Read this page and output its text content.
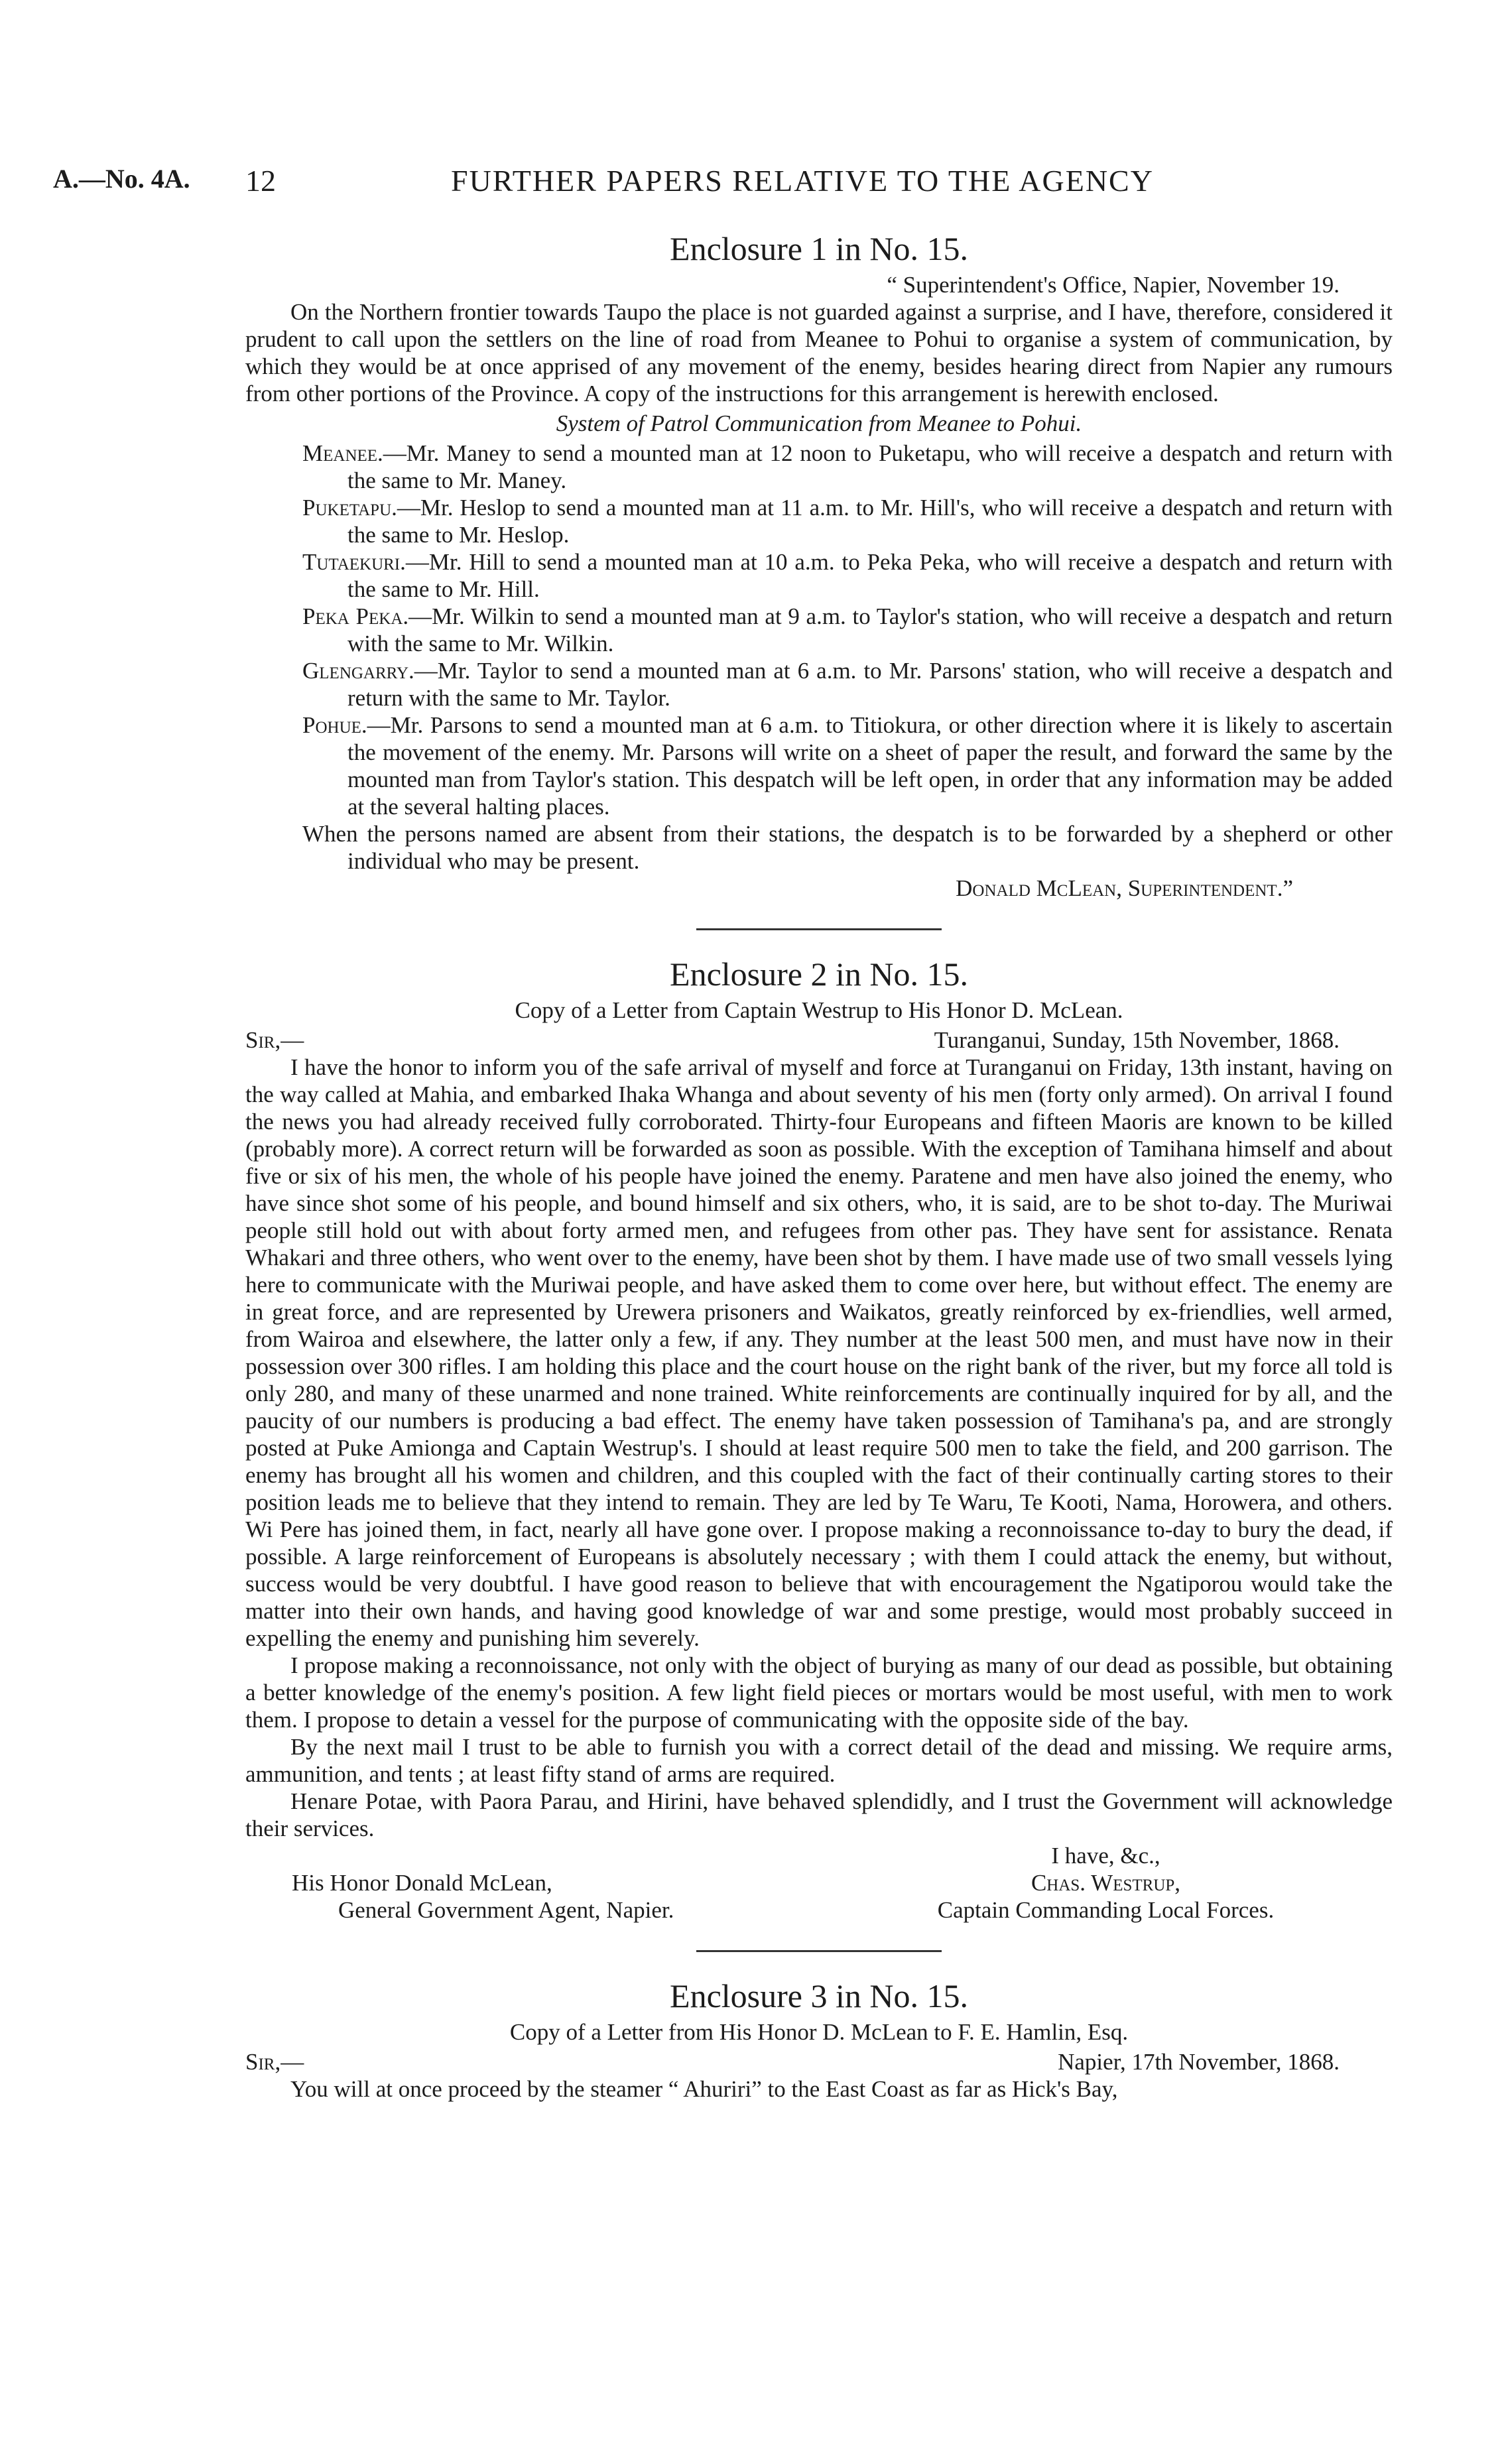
A.—No. 4A. 12	FURTHER PAPERS RELATIVE TO THE AGENCY

Enclosure 1 in No. 15.

“ Superintendent's Office, Napier, November 19.

On the Northern frontier towards Taupo the place is not guarded against a surprise, and I have, therefore, considered it prudent to call upon the settlers on the line of road from Meanee to Pohui to organise a system of communication, by which they would be at once apprised of any movement of the enemy, besides hearing direct from Napier any rumours from other portions of the Province. A copy of the instructions for this arrangement is herewith enclosed.

System of Patrol Communication from Meanee to Pohui.

Meanee.—Mr. Maney to send a mounted man at 12 noon to Puketapu, who will receive a despatch and return with the same to Mr. Maney.

Puketapu.—Mr. Heslop to send a mounted man at 11 a.m. to Mr. Hill's, who will receive a despatch and return with the same to Mr. Heslop.

Tutaekuri.—Mr. Hill to send a mounted man at 10 a.m. to Peka Peka, who will receive a despatch and return with the same to Mr. Hill.

Peka Peka.—Mr. Wilkin to send a mounted man at 9 a.m. to Taylor's station, who will receive a despatch and return with the same to Mr. Wilkin.

Glengarry.—Mr. Taylor to send a mounted man at 6 a.m. to Mr. Parsons' station, who will receive a despatch and return with the same to Mr. Taylor.

Pohue.—Mr. Parsons to send a mounted man at 6 a.m. to Titiokura, or other direction where it is likely to ascertain the movement of the enemy. Mr. Parsons will write on a sheet of paper the result, and forward the same by the mounted man from Taylor's station. This despatch will be left open, in order that any information may be added at the several halting places.

When the persons named are absent from their stations, the despatch is to be forwarded by a shepherd or other individual who may be present.

Donald McLean, Superintendent.”

Enclosure 2 in No. 15.

Copy of a Letter from Captain Westrup to His Honor D. McLean.

Sir,—	Turanganui, Sunday, 15th November, 1868.

I have the honor to inform you of the safe arrival of myself and force at Turanganui on Friday, 13th instant, having on the way called at Mahia, and embarked Ihaka Whanga and about seventy of his men (forty only armed). On arrival I found the news you had already received fully corroborated. Thirty-four Europeans and fifteen Maoris are known to be killed (probably more). A correct return will be forwarded as soon as possible. With the exception of Tamihana himself and about five or six of his men, the whole of his people have joined the enemy. Paratene and men have also joined the enemy, who have since shot some of his people, and bound himself and six others, who, it is said, are to be shot to-day. The Muriwai people still hold out with about forty armed men, and refugees from other pas. They have sent for assistance. Renata Whakari and three others, who went over to the enemy, have been shot by them. I have made use of two small vessels lying here to communicate with the Muriwai people, and have asked them to come over here, but without effect. The enemy are in great force, and are represented by Urewera prisoners and Waikatos, greatly reinforced by ex-friendlies, well armed, from Wairoa and elsewhere, the latter only a few, if any. They number at the least 500 men, and must have now in their possession over 300 rifles. I am holding this place and the court house on the right bank of the river, but my force all told is only 280, and many of these unarmed and none trained. White reinforcements are continually inquired for by all, and the paucity of our numbers is producing a bad effect. The enemy have taken possession of Tamihana's pa, and are strongly posted at Puke Amionga and Captain Westrup's. I should at least require 500 men to take the field, and 200 garrison. The enemy has brought all his women and children, and this coupled with the fact of their continually carting stores to their position leads me to believe that they intend to remain. They are led by Te Waru, Te Kooti, Nama, Horowera, and others. Wi Pere has joined them, in fact, nearly all have gone over. I propose making a reconnoissance to-day to bury the dead, if possible. A large reinforcement of Europeans is absolutely necessary ; with them I could attack the enemy, but without, success would be very doubtful. I have good reason to believe that with encouragement the Ngatiporou would take the matter into their own hands, and having good knowledge of war and some prestige, would most probably succeed in expelling the enemy and punishing him severely.

I propose making a reconnoissance, not only with the object of burying as many of our dead as possible, but obtaining a better knowledge of the enemy's position. A few light field pieces or mortars would be most useful, with men to work them. I propose to detain a vessel for the purpose of communicating with the opposite side of the bay.

By the next mail I trust to be able to furnish you with a correct detail of the dead and missing. We require arms, ammunition, and tents ; at least fifty stand of arms are required.

Henare Potae, with Paora Parau, and Hirini, have behaved splendidly, and I trust the Government will acknowledge their services.

I have, &c.,
His Honor Donald McLean,	Chas. Westrup,
General Government Agent, Napier.	Captain Commanding Local Forces.

Enclosure 3 in No. 15.

Copy of a Letter from His Honor D. McLean to F. E. Hamlin, Esq.

Sir,—	Napier, 17th November, 1868.

You will at once proceed by the steamer “ Ahuriri” to the East Coast as far as Hick's Bay,
